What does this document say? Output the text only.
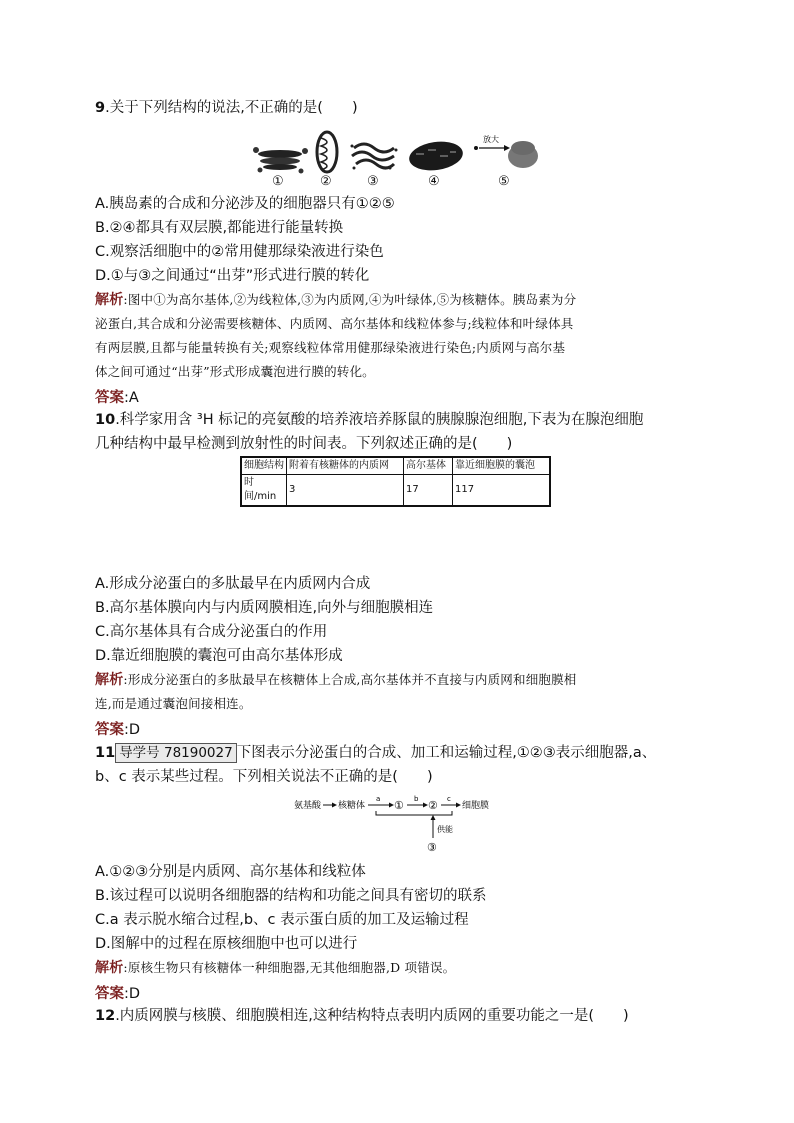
9.关于下列结构的说法,不正确的是(　　)
放大
①	②	③	④	⑤
A.胰岛素的合成和分泌涉及的细胞器只有①②⑤
B.②④都具有双层膜,都能进行能量转换
C.观察活细胞中的②常用健那绿染液进行染色
D.①与③之间通过“出芽”形式进行膜的转化
解析:图中①为高尔基体,②为线粒体,③为内质网,④为叶绿体,⑤为核糖体。胰岛素为分
泌蛋白,其合成和分泌需要核糖体、内质网、高尔基体和线粒体参与;线粒体和叶绿体具
有两层膜,且都与能量转换有关;观察线粒体常用健那绿染液进行染色;内质网与高尔基
体之间可通过“出芽”形式形成囊泡进行膜的转化。
答案:A
10.科学家用含 ³H 标记的亮氨酸的培养液培养豚鼠的胰腺腺泡细胞,下表为在腺泡细胞
几种结构中最早检测到放射性的时间表。下列叙述正确的是(　　)
细胞结构	附着有核糖体的内质网	高尔基体	靠近细胞膜的囊泡
时间/min	3	17	117
A.形成分泌蛋白的多肽最早在内质网内合成
B.高尔基体膜向内与内质网膜相连,向外与细胞膜相连
C.高尔基体具有合成分泌蛋白的作用
D.靠近细胞膜的囊泡可由高尔基体形成
解析:形成分泌蛋白的多肽最早在核糖体上合成,高尔基体并不直接与内质网和细胞膜相
连,而是通过囊泡间接相连。
答案:D
11 导学号 78190027 下图表示分泌蛋白的合成、加工和运输过程,①②③表示细胞器,a、
b、c 表示某些过程。下列相关说法不正确的是(　　)
氨基酸 核糖体
a ① b ② c
细胞膜
供能
③
A.①②③分别是内质网、高尔基体和线粒体
B.该过程可以说明各细胞器的结构和功能之间具有密切的联系
C.a 表示脱水缩合过程,b、c 表示蛋白质的加工及运输过程
D.图解中的过程在原核细胞中也可以进行
解析:原核生物只有核糖体一种细胞器,无其他细胞器,D 项错误。
答案:D
12.内质网膜与核膜、细胞膜相连,这种结构特点表明内质网的重要功能之一是(　　)
